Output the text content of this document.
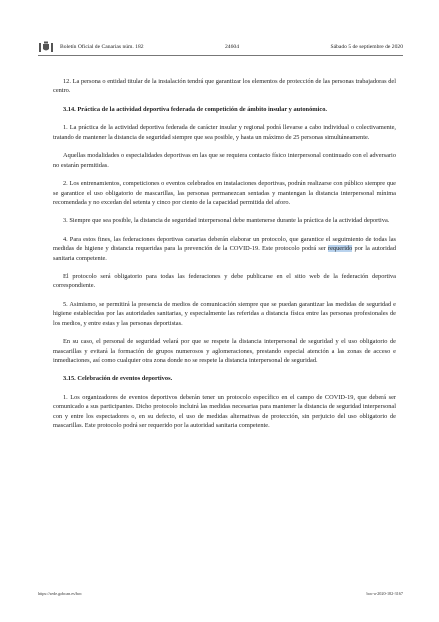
Boletín Oficial de Canarias núm. 182	24604	Sábado 5 de septiembre de 2020

12. La persona o entidad titular de la instalación tendrá que garantizar los elementos de protección de las personas trabajadoras del centro.

3.14. Práctica de la actividad deportiva federada de competición de ámbito insular y autonómico.

1. La práctica de la actividad deportiva federada de carácter insular y regional podrá llevarse a cabo individual o colectivamente, tratando de mantener la distancia de seguridad siempre que sea posible, y hasta un máximo de 25 personas simultáneamente.

Aquellas modalidades o especialidades deportivas en las que se requiera contacto físico interpersonal continuado con el adversario no estarán permitidas.

2. Los entrenamientos, competiciones o eventos celebrados en instalaciones deportivas, podrán realizarse con público siempre que se garantice el uso obligatorio de mascarillas, las personas permanezcan sentadas y mantengan la distancia interpersonal mínima recomendada y no excedan del setenta y cinco por ciento de la capacidad permitida del aforo.

3. Siempre que sea posible, la distancia de seguridad interpersonal debe mantenerse durante la práctica de la actividad deportiva.

4. Para estos fines, las federaciones deportivas canarias deberán elaborar un protocolo, que garantice el seguimiento de todas las medidas de higiene y distancia requeridas para la prevención de la COVID-19. Este protocolo podrá ser requerido por la autoridad sanitaria competente.

El protocolo será obligatorio para todas las federaciones y debe publicarse en el sitio web de la federación deportiva correspondiente.

5. Asimismo, se permitirá la presencia de medios de comunicación siempre que se puedan garantizar las medidas de seguridad e higiene establecidas por las autoridades sanitarias, y especialmente las referidas a distancia física entre las personas profesionales de los medios, y entre estas y las personas deportistas.

En su caso, el personal de seguridad velará por que se respete la distancia interpersonal de seguridad y el uso obligatorio de mascarillas y evitará la formación de grupos numerosos y aglomeraciones, prestando especial atención a las zonas de acceso e inmediaciones, así como cualquier otra zona donde no se respete la distancia interpersonal de seguridad.

3.15. Celebración de eventos deportivos.

1. Los organizadores de eventos deportivos deberán tener un protocolo específico en el campo de COVID-19, que deberá ser comunicado a sus participantes. Dicho protocolo incluirá las medidas necesarias para mantener la distancia de seguridad interpersonal con y entre los espectadores o, en su defecto, el uso de medidas alternativas de protección, sin perjuicio del uso obligatorio de mascarillas. Este protocolo podrá ser requerido por la autoridad sanitaria competente.

https://sede.gobcan.es/boc	boc-a-2020-182-3167
